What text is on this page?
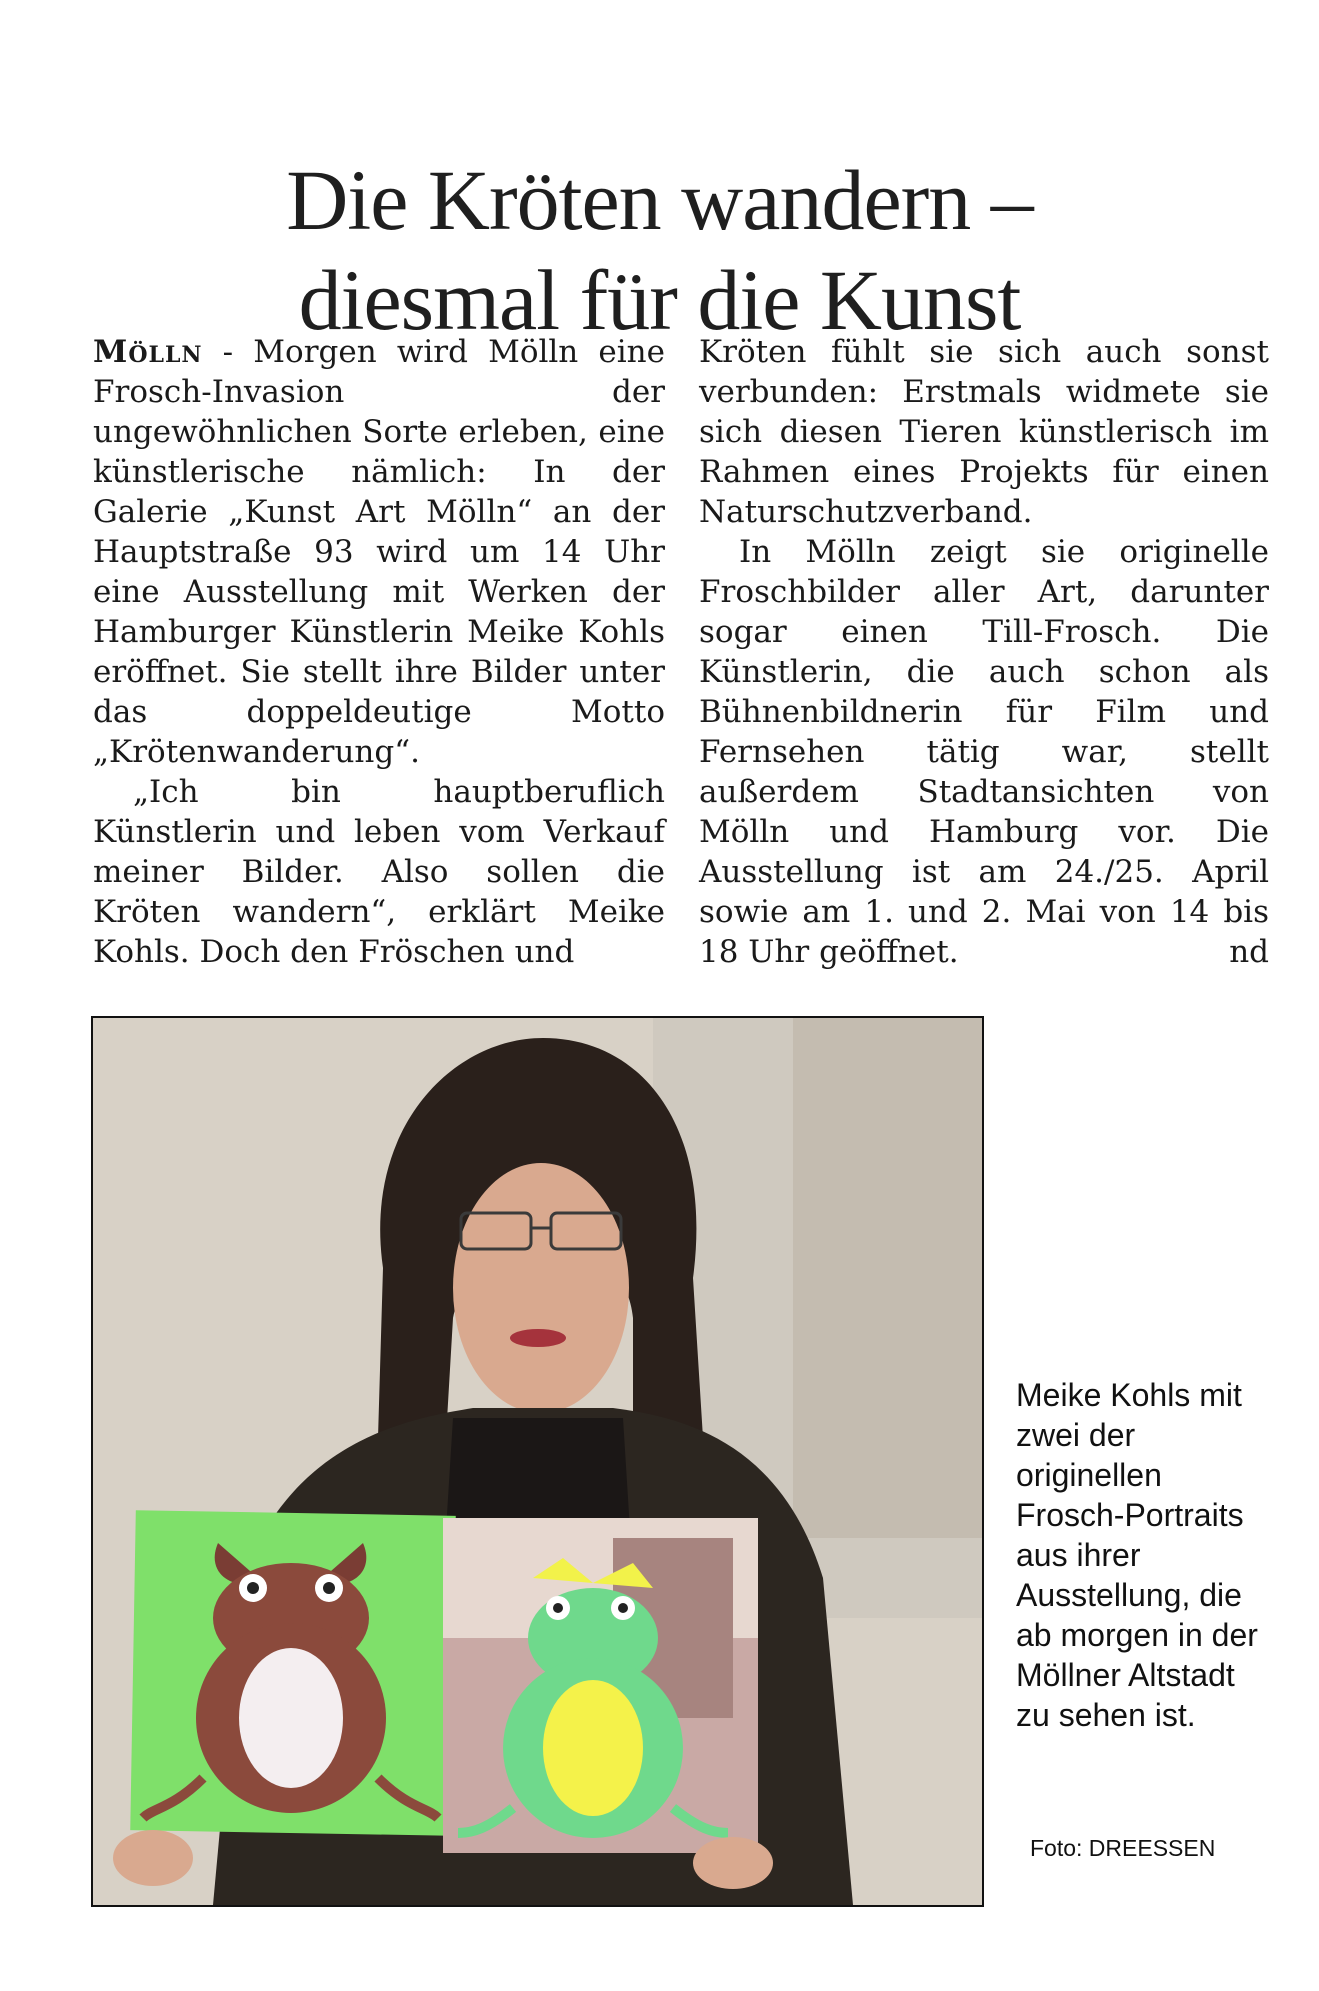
Die Kröten wandern –
diesmal für die Kunst

Mölln - Morgen wird Mölln eine Frosch-Invasion der ungewöhnlichen Sorte erleben, eine künstlerische nämlich: In der Galerie „Kunst Art Mölln“ an der Hauptstraße 93 wird um 14 Uhr eine Ausstellung mit Werken der Hamburger Künstlerin Meike Kohls eröffnet. Sie stellt ihre Bilder unter das doppeldeutige Motto „Krötenwanderung“.

„Ich bin hauptberuflich Künstlerin und leben vom Verkauf meiner Bilder. Also sollen die Kröten wandern“, erklärt Meike Kohls. Doch den Fröschen und

Kröten fühlt sie sich auch sonst verbunden: Erstmals widmete sie sich diesen Tieren künstlerisch im Rahmen eines Projekts für einen Naturschutzverband.

In Mölln zeigt sie originelle Froschbilder aller Art, darunter sogar einen Till-Frosch. Die Künstlerin, die auch schon als Bühnenbildnerin für Film und Fernsehen tätig war, stellt außerdem Stadtansichten von Mölln und Hamburg vor. Die Ausstellung ist am 24./25. April sowie am 1. und 2. Mai von 14 bis 18 Uhr geöffnet.	nd

Meike Kohls mit zwei der originellen Frosch-Portraits aus ihrer Ausstellung, die ab morgen in der Möllner Altstadt zu sehen ist.
Foto: DREESSEN
